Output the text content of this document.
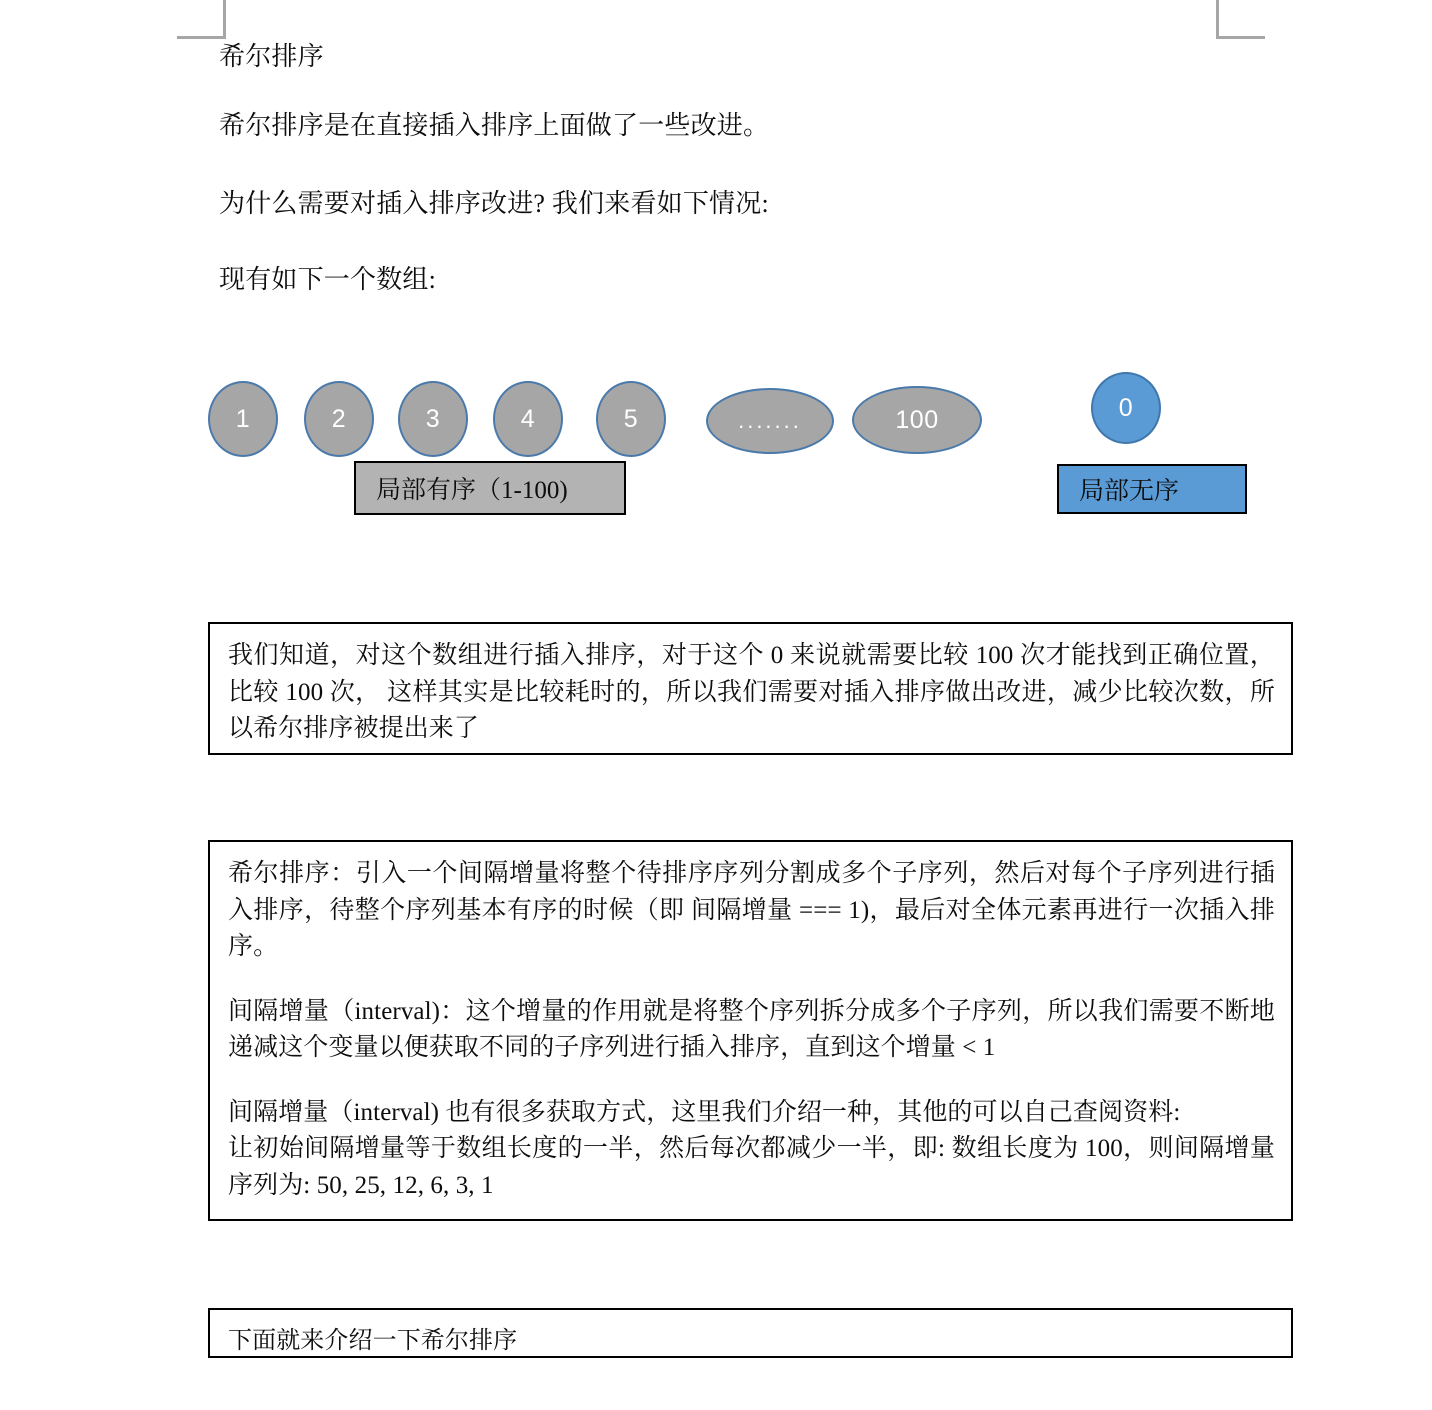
希尔排序
希尔排序是在直接插入排序上面做了一些改进。
为什么需要对插入排序改进? 我们来看如下情况:
现有如下一个数组:
1	2	3	4	5	.......	100	0
局部有序（1-100)	局部无序

我们知道，对这个数组进行插入排序，对于这个 0 来说就需要比较 100 次才能找到正确位置，比较 100 次， 这样其实是比较耗时的，所以我们需要对插入排序做出改进，减少比较次数，所以希尔排序被提出来了

希尔排序：引入一个间隔增量将整个待排序序列分割成多个子序列，然后对每个子序列进行插入排序，待整个序列基本有序的时候（即 间隔增量 === 1)，最后对全体元素再进行一次插入排序。

间隔增量（interval)：这个增量的作用就是将整个序列拆分成多个子序列，所以我们需要不断地递减这个变量以便获取不同的子序列进行插入排序，直到这个增量 < 1

间隔增量（interval) 也有很多获取方式，这里我们介绍一种，其他的可以自己查阅资料:

让初始间隔增量等于数组长度的一半，然后每次都减少一半，即: 数组长度为 100，则间隔增量序列为: 50, 25, 12, 6, 3, 1

下面就来介绍一下希尔排序
